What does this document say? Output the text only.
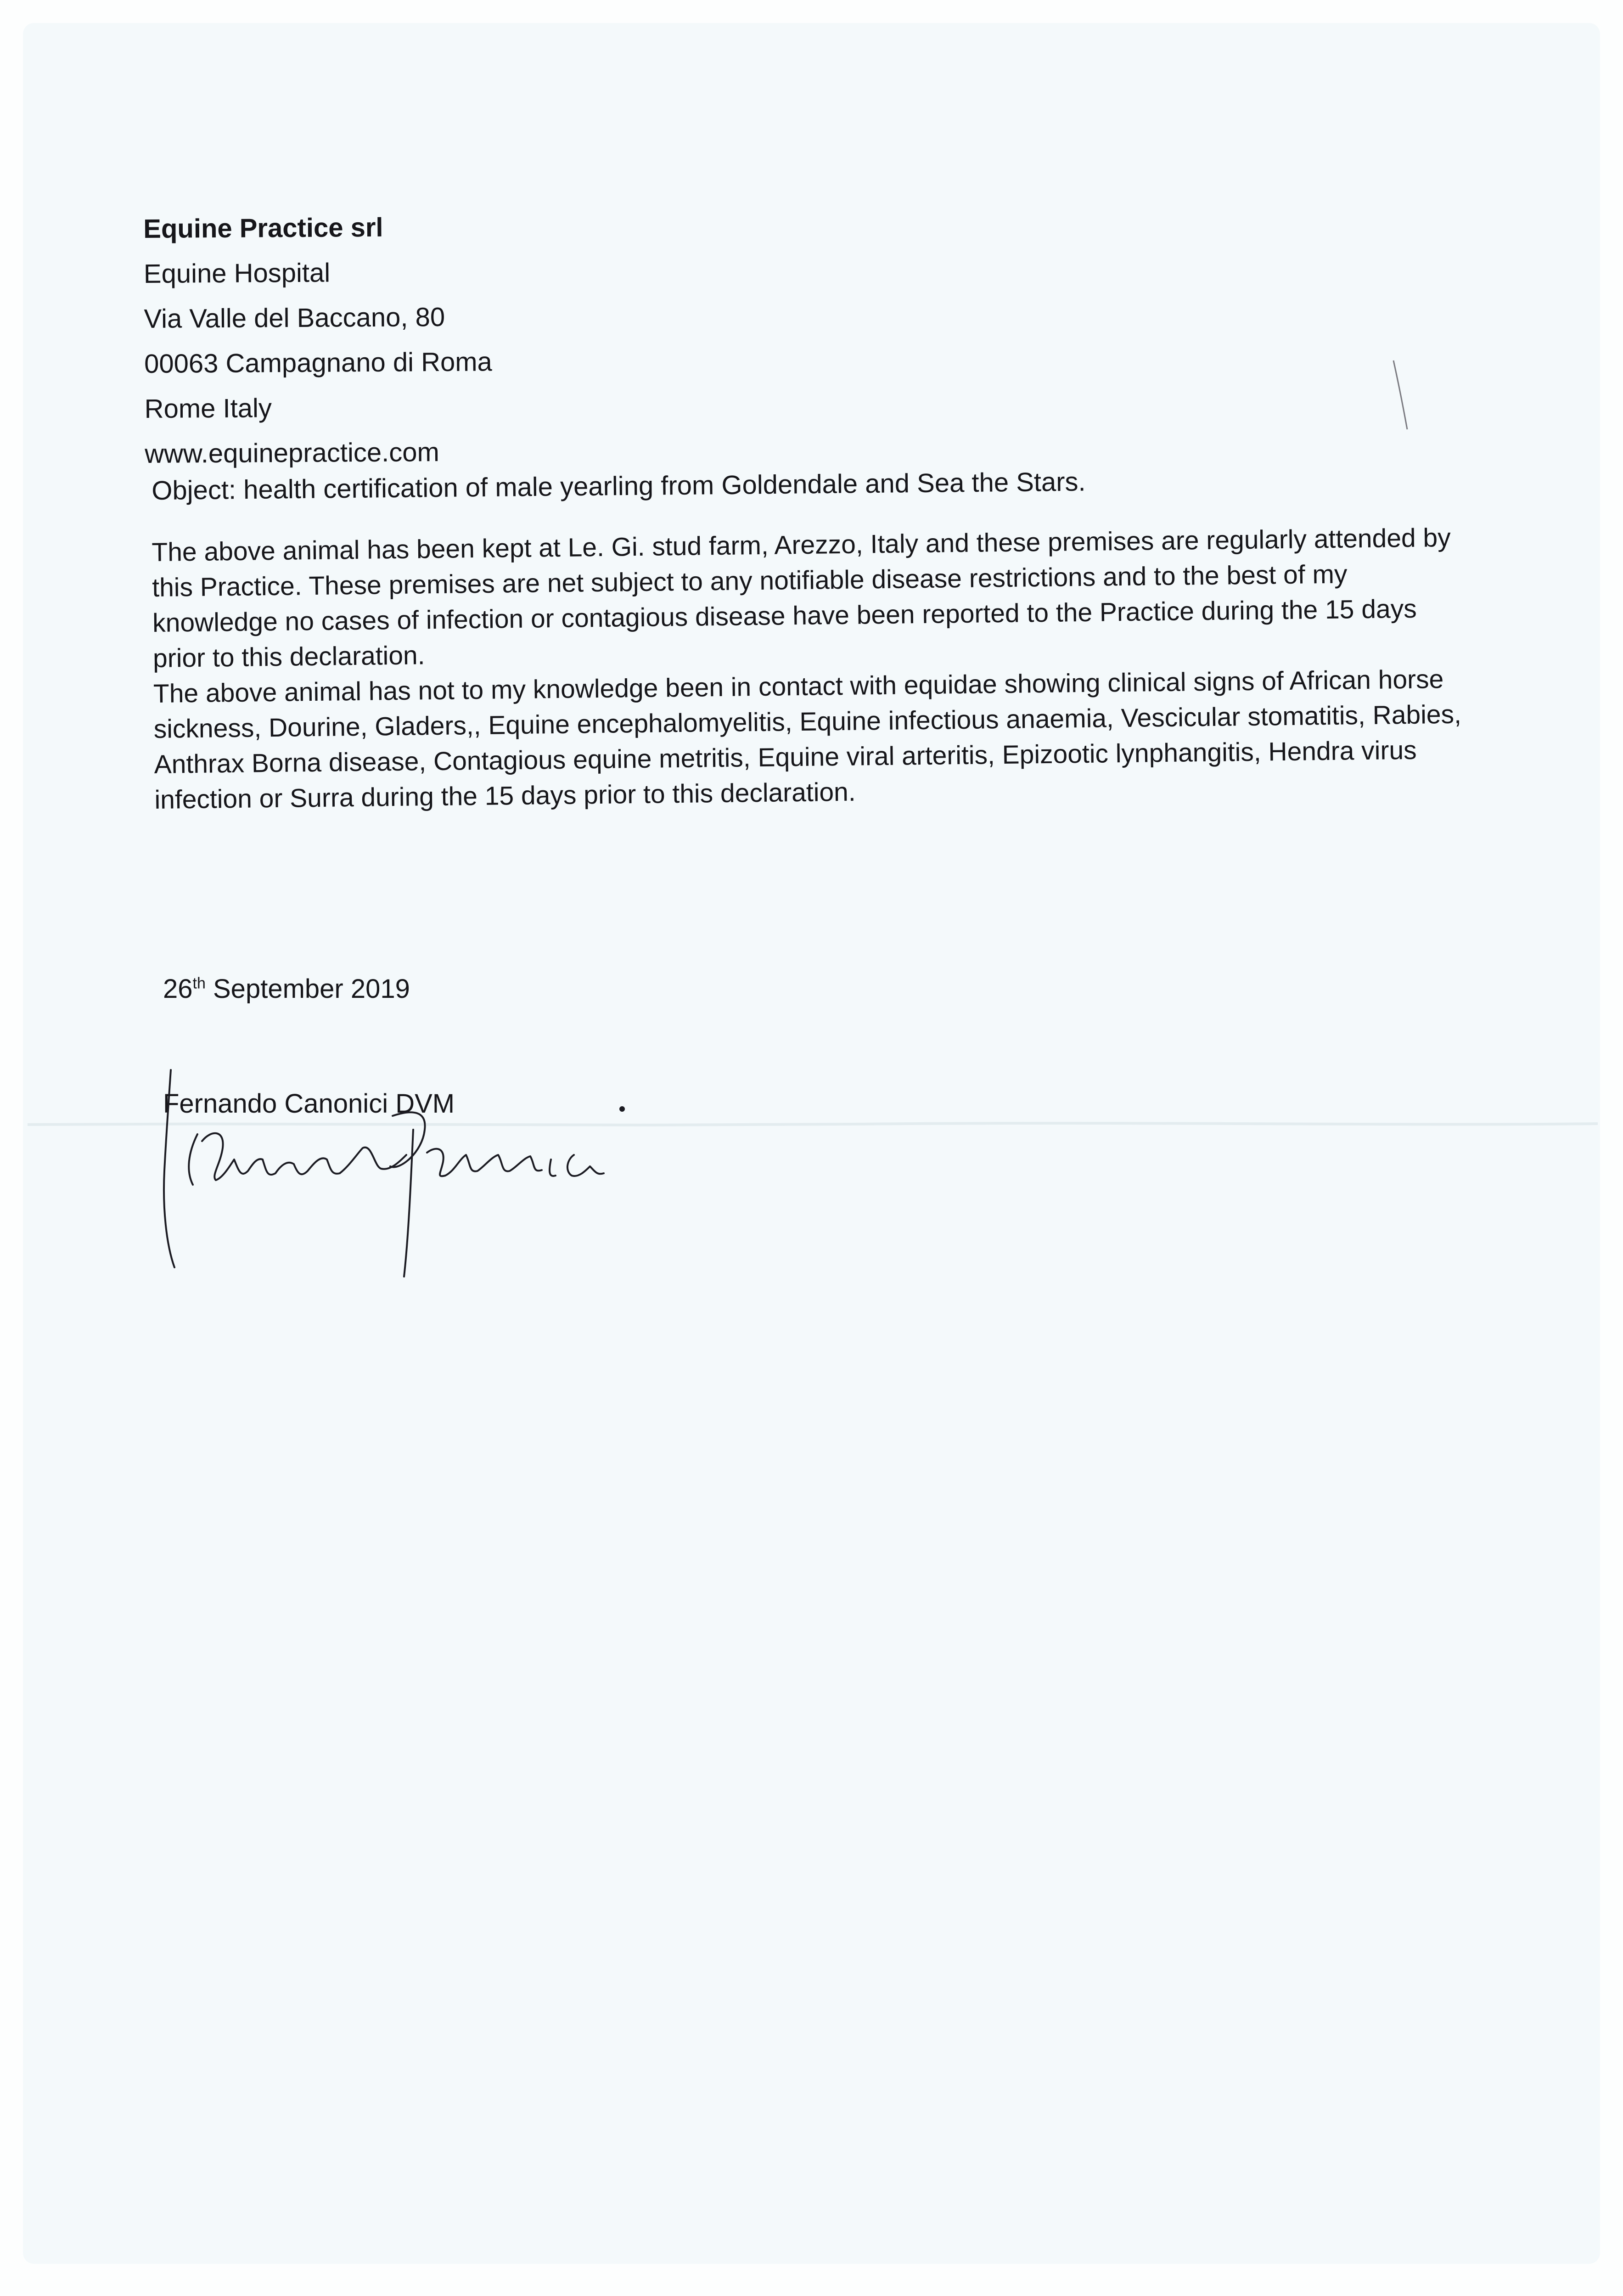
Equine Practice srl
Equine Hospital
Via Valle del Baccano, 80
00063 Campagnano di Roma
Rome Italy
www.equinepractice.com
Object: health certification of male yearling from Goldendale and Sea the Stars.

The above animal has been kept at Le. Gi. stud farm, Arezzo, Italy and these premises are regularly attended by this Practice. These premises are net subject to any notifiable disease restrictions and to the best of my knowledge no cases of infection or contagious disease have been reported to the Practice during the 15 days prior to this declaration.

The above animal has not to my knowledge been in contact with equidae showing clinical signs of African horse sickness, Dourine, Gladers,, Equine encephalomyelitis, Equine infectious anaemia, Vescicular stomatitis, Rabies, Anthrax Borna disease, Contagious equine metritis, Equine viral arteritis, Epizootic lynphangitis, Hendra virus infection or Surra during the 15 days prior to this declaration.

26th September 2019
Fernando Canonici DVM
